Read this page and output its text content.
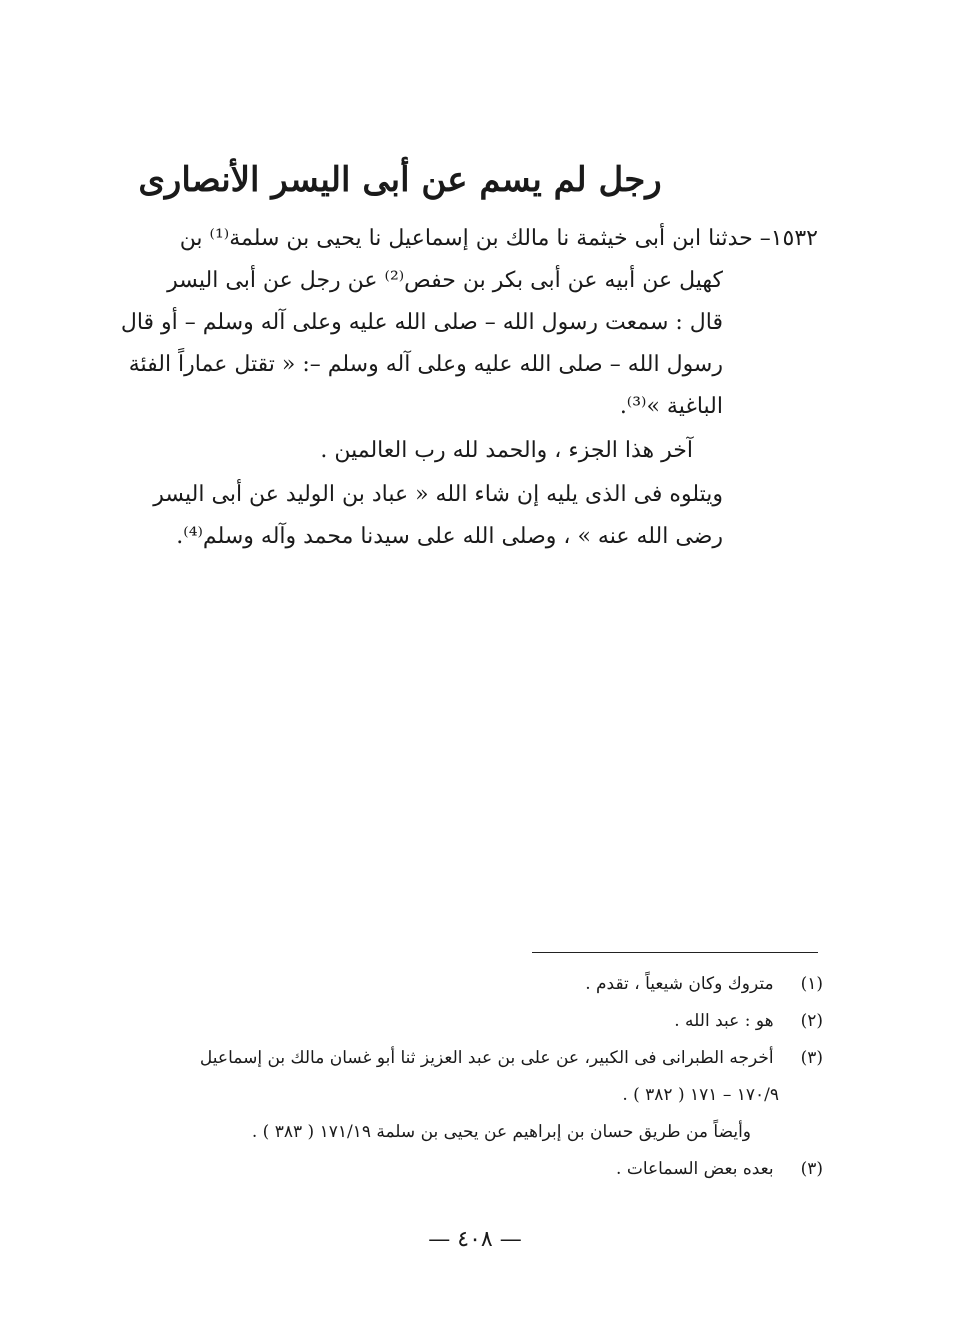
رجل لم يسم عن أبى اليسر الأنصارى
١٥٣٢– حدثنا ابن أبى خيثمة نا مالك بن إسماعيل نا يحيى بن سلمة⁽¹⁾ بن
كهيل عن أبيه عن أبى بكر بن حفص⁽²⁾ عن رجل عن أبى اليسر
قال : سمعت رسول الله – صلى الله عليه وعلى آله وسلم – أو قال
رسول الله – صلى الله عليه وعلى آله وسلم –: « تقتل عماراً الفئة
الباغية »⁽³⁾.
آخر هذا الجزء ، والحمد لله رب العالمين .
ويتلوه فى الذى يليه إن شاء الله « عباد بن الوليد عن أبى اليسر
رضى الله عنه » ، وصلى الله على سيدنا محمد وآله وسلم⁽⁴⁾.
(١) متروك وكان شيعياً ، تقدم .
(٢) هو : عبد الله .
(٣) أخرجه الطبرانى فى الكبير، عن على بن عبد العزيز ثنا أبو غسان مالك بن إسماعيل
١٧٠/٩ – ١٧١ ( ٣٨٢ ) .
وأيضاً من طريق حسان بن إبراهيم عن يحيى بن سلمة ١٧١/١٩ ( ٣٨٣ ) .
(٣) بعده بعض السماعات .
— ٤٠٨ —
